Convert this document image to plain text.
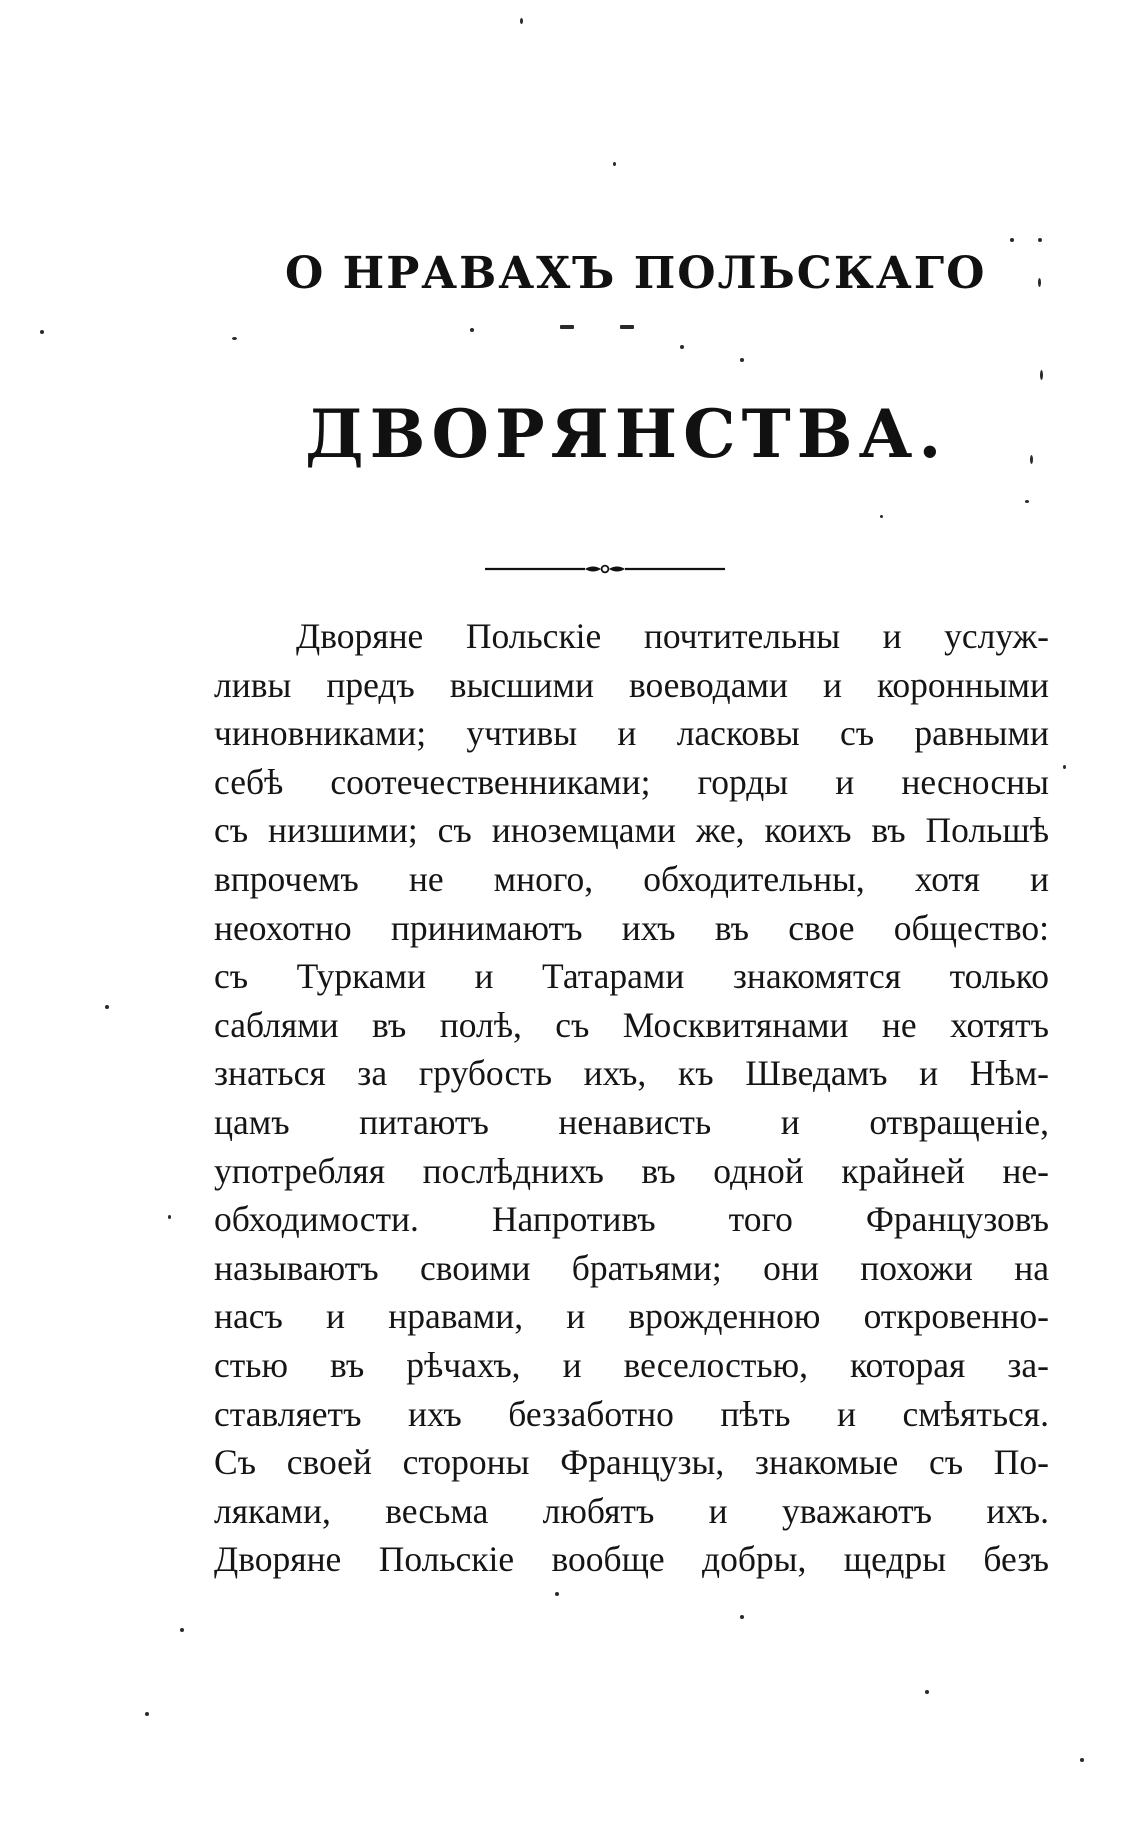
О НРАВАХЪ ПОЛЬСКАГО
ДВОРЯНСТВА.
Дворяне Польскіе почтительны и услуж-
ливы предъ высшими воеводами и коронными
чиновниками; учтивы и ласковы съ равными
себѣ соотечественниками; горды и несносны
съ низшими; съ иноземцами же, коихъ въ Польшѣ
впрочемъ не много, обходительны, хотя и
неохотно принимаютъ ихъ въ свое общество:
съ Турками и Татарами знакомятся только
саблями въ полѣ, съ Москвитянами не хотятъ
знаться за грубость ихъ, къ Шведамъ и Нѣм-
цамъ питаютъ ненависть и отвращеніе,
употребляя послѣднихъ въ одной крайней не-
обходимости. Напротивъ того Французовъ
называютъ своими братьями; они похожи на
насъ и нравами, и врожденною откровенно-
стью въ рѣчахъ, и веселостью, которая за-
ставляетъ ихъ беззаботно пѣть и смѣяться.
Съ своей стороны Французы, знакомые съ По-
ляками, весьма любятъ и уважаютъ ихъ.
Дворяне Польскіе вообще добры, щедры безъ
